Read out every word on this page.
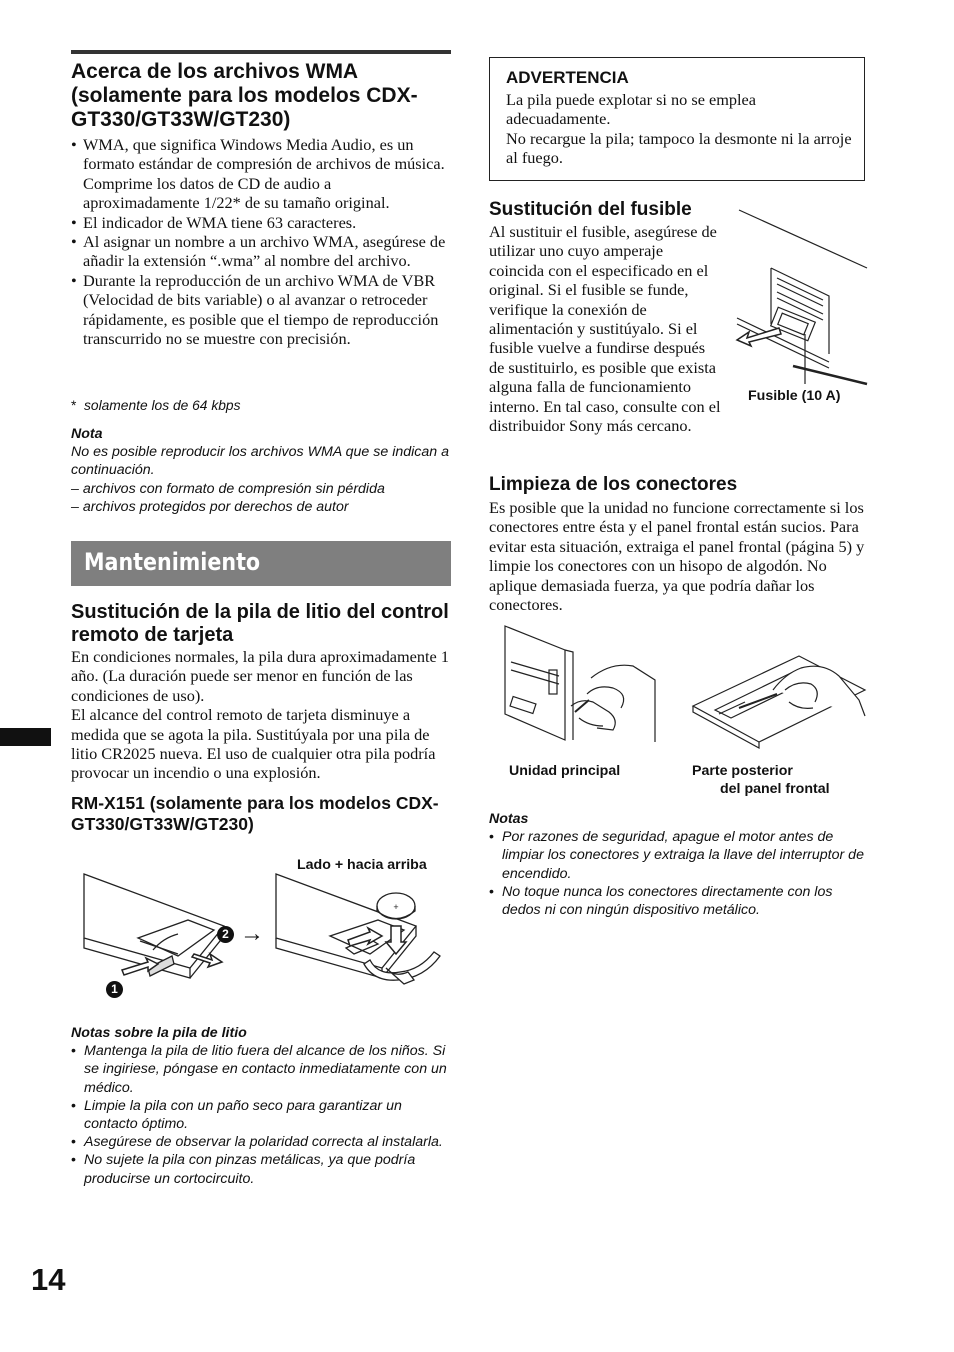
Acerca de los archivos WMA (solamente para los modelos CDX-GT330/GT33W/GT230)
• WMA, que significa Windows Media Audio, es un formato estándar de compresión de archivos de música. Comprime los datos de CD de audio a aproximadamente 1/22* de su tamaño original.
• El indicador de WMA tiene 63 caracteres.
• Al asignar un nombre a un archivo WMA, asegúrese de añadir la extensión “.wma” al nombre del archivo.
• Durante la reproducción de un archivo WMA de VBR (Velocidad de bits variable) o al avanzar o retroceder rápidamente, es posible que el tiempo de reproducción transcurrido no se muestre con precisión.
* solamente los de 64 kbps
Nota
No es posible reproducir los archivos WMA que se indican a continuación.
– archivos con formato de compresión sin pérdida
– archivos protegidos por derechos de autor
Mantenimiento
Sustitución de la pila de litio del control remoto de tarjeta

En condiciones normales, la pila dura aproximadamente 1 año. (La duración puede ser menor en función de las condiciones de uso).

El alcance del control remoto de tarjeta disminuye a medida que se agota la pila. Sustitúyala por una pila de litio CR2025 nueva. El uso de cualquier otra pila podría provocar un incendio o una explosión.

RM-X151 (solamente para los modelos CDX-GT330/GT33W/GT230)
Lado + hacia arriba
+
2 →
1
Notas sobre la pila de litio
• Mantenga la pila de litio fuera del alcance de los niños. Si se ingiriese, póngase en contacto inmediatamente con un médico.
• Limpie la pila con un paño seco para garantizar un contacto óptimo.
• Asegúrese de observar la polaridad correcta al instalarla.
• No sujete la pila con pinzas metálicas, ya que podría producirse un cortocircuito.
14
ADVERTENCIA

La pila puede explotar si no se emplea adecuadamente.

No recargue la pila; tampoco la desmonte ni la arroje al fuego.

Sustitución del fusible

Al sustituir el fusible, asegúrese de utilizar uno cuyo amperaje coincida con el especificado en el original. Si el fusible se funde, verifique la conexión de alimentación y sustitúyalo. Si el fusible vuelve a fundirse después de sustituirlo, es posible que exista alguna falla de funcionamiento interno. En tal caso, consulte con el distribuidor Sony más cercano.

Fusible (10 A)
Limpieza de los conectores

Es posible que la unidad no funcione correctamente si los conectores entre ésta y el panel frontal están sucios. Para evitar esta situación, extraiga el panel frontal (página 5) y limpie los conectores con un hisopo de algodón. No aplique demasiada fuerza, ya que podría dañar los conectores.

Unidad principal	Parte posterior
del panel frontal
Notas
• Por razones de seguridad, apague el motor antes de limpiar los conectores y extraiga la llave del interruptor de encendido.
• No toque nunca los conectores directamente con los dedos ni con ningún dispositivo metálico.
